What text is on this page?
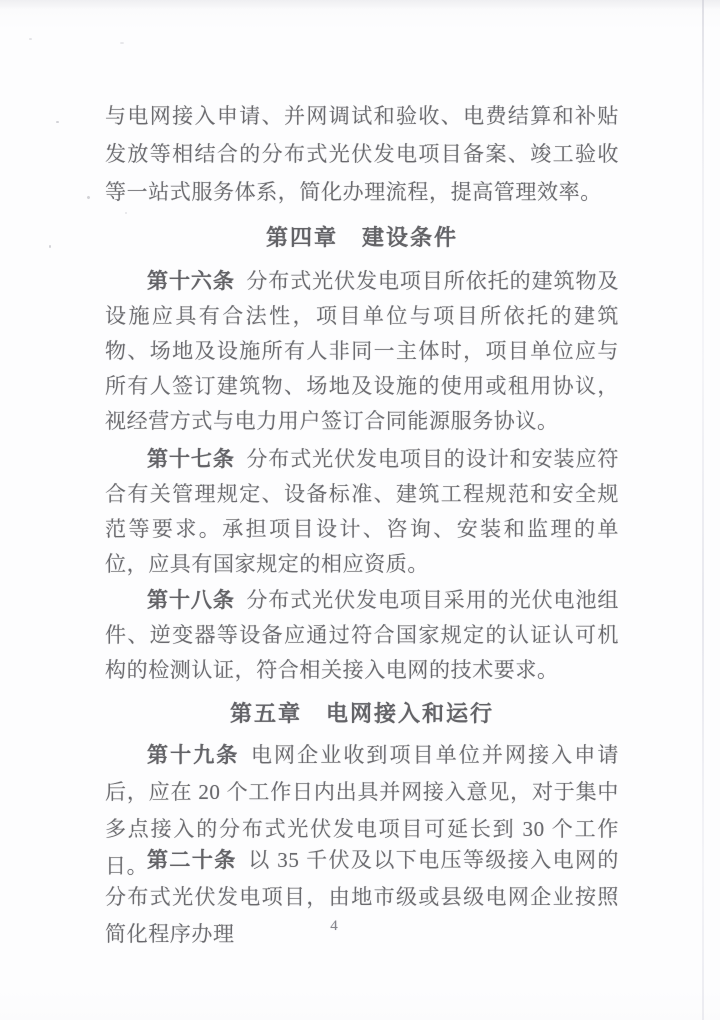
与电网接入申请、并网调试和验收、电费结算和补贴发放等相结合的分布式光伏发电项目备案、竣工验收等一站式服务体系，简化办理流程，提高管理效率。

第四章　建设条件

第十六条 分布式光伏发电项目所依托的建筑物及设施应具有合法性，项目单位与项目所依托的建筑物、场地及设施所有人非同一主体时，项目单位应与所有人签订建筑物、场地及设施的使用或租用协议，视经营方式与电力用户签订合同能源服务协议。

第十七条 分布式光伏发电项目的设计和安装应符合有关管理规定、设备标准、建筑工程规范和安全规范等要求。承担项目设计、咨询、安装和监理的单位，应具有国家规定的相应资质。

第十八条 分布式光伏发电项目采用的光伏电池组件、逆变器等设备应通过符合国家规定的认证认可机构的检测认证，符合相关接入电网的技术要求。

第五章　电网接入和运行

第十九条 电网企业收到项目单位并网接入申请后，应在 20 个工作日内出具并网接入意见，对于集中多点接入的分布式光伏发电项目可延长到 30 个工作日。

第二十条 以 35 千伏及以下电压等级接入电网的分布式光伏发电项目，由地市级或县级电网企业按照简化程序办理	4
